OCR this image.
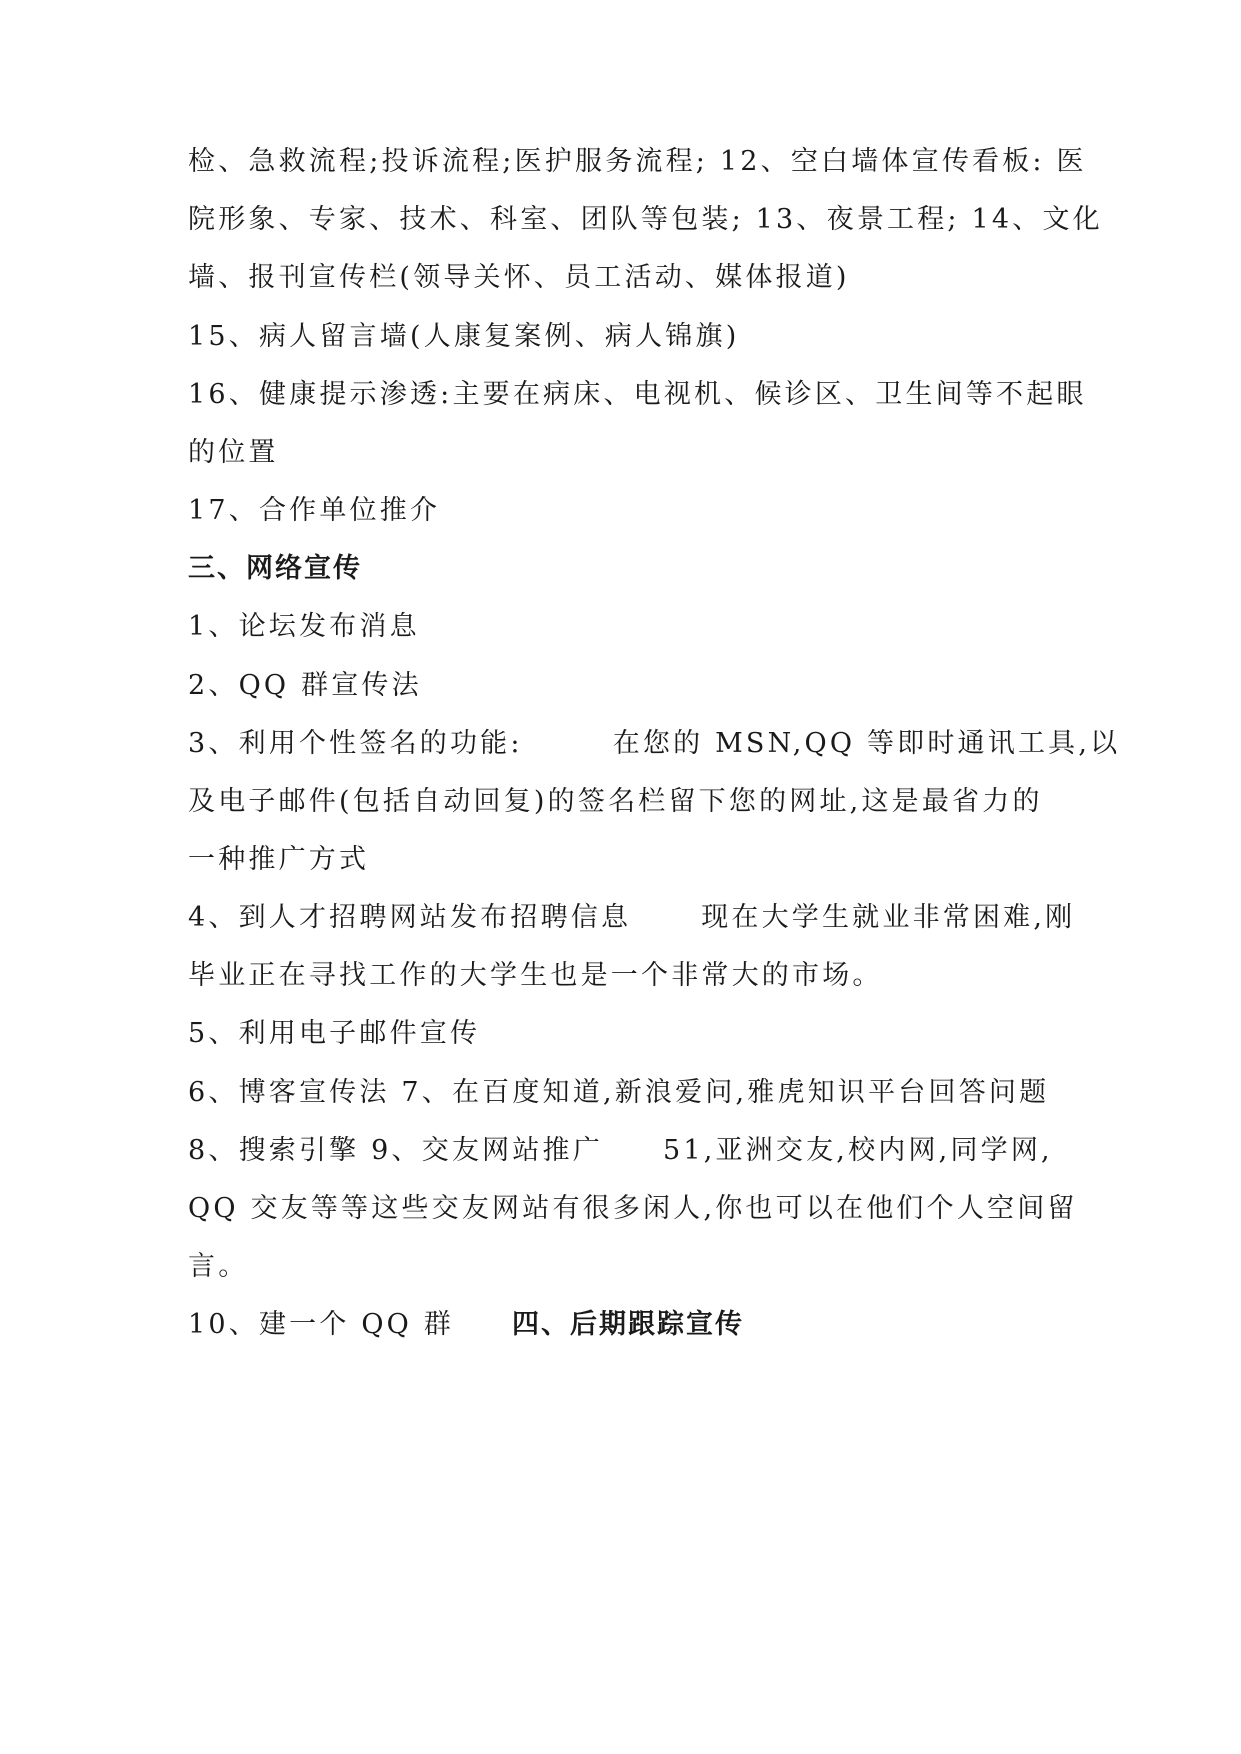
检、急救流程;投诉流程;医护服务流程; 12、空白墙体宣传看板: 医
院形象、专家、技术、科室、团队等包装; 13、夜景工程; 14、文化
墙、报刊宣传栏(领导关怀、员工活动、媒体报道)
15、病人留言墙(人康复案例、病人锦旗)
16、健康提示渗透:主要在病床、电视机、候诊区、卫生间等不起眼
的位置
17、合作单位推介
三、网络宣传
1、论坛发布消息
2、QQ 群宣传法
3、利用个性签名的功能:	在您的 MSN,QQ 等即时通讯工具,以
及电子邮件(包括自动回复)的签名栏留下您的网址,这是最省力的
一种推广方式
4、到人才招聘网站发布招聘信息	现在大学生就业非常困难,刚
毕业正在寻找工作的大学生也是一个非常大的市场。
5、利用电子邮件宣传
6、博客宣传法 7、在百度知道,新浪爱问,雅虎知识平台回答问题
8、搜索引擎 9、交友网站推广 51,亚洲交友,校内网,同学网,
QQ 交友等等这些交友网站有很多闲人,你也可以在他们个人空间留
言。
10、建一个 QQ 群 四、后期跟踪宣传
